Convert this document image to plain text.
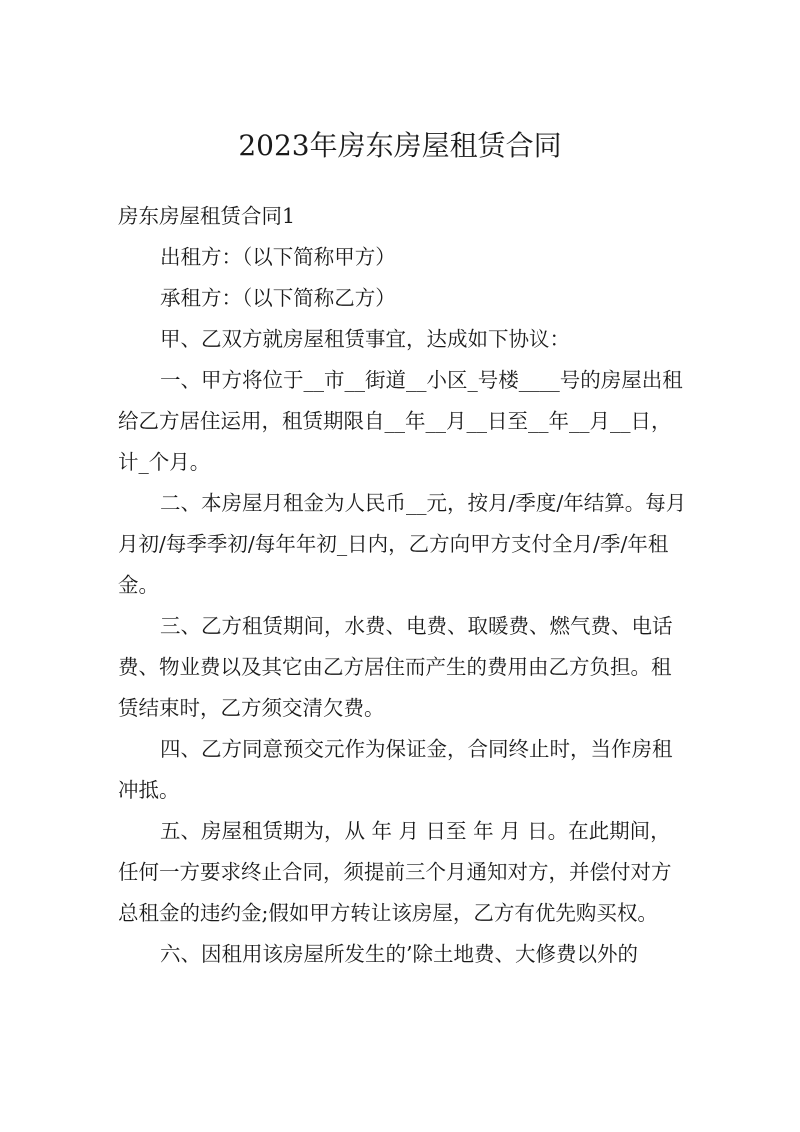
2023年房东房屋租赁合同

房东房屋租赁合同1

出租方：（以下简称甲方）

承租方：（以下简称乙方）

甲、乙双方就房屋租赁事宜，达成如下协议：

一、甲方将位于__市__街道__小区_号楼____号的房屋出租给乙方居住运用，租赁期限自__年__月__日至__年__月__日，计_个月。

二、本房屋月租金为人民币__元，按月/季度/年结算。每月月初/每季季初/每年年初_日内，乙方向甲方支付全月/季/年租金。

三、乙方租赁期间，水费、电费、取暖费、燃气费、电话费、物业费以及其它由乙方居住而产生的费用由乙方负担。租赁结束时，乙方须交清欠费。

四、乙方同意预交元作为保证金，合同终止时，当作房租冲抵。

五、房屋租赁期为，从 年 月 日至 年 月 日。在此期间，任何一方要求终止合同，须提前三个月通知对方，并偿付对方总租金的违约金;假如甲方转让该房屋，乙方有优先购买权。

六、因租用该房屋所发生的’除土地费、大修费以外的
